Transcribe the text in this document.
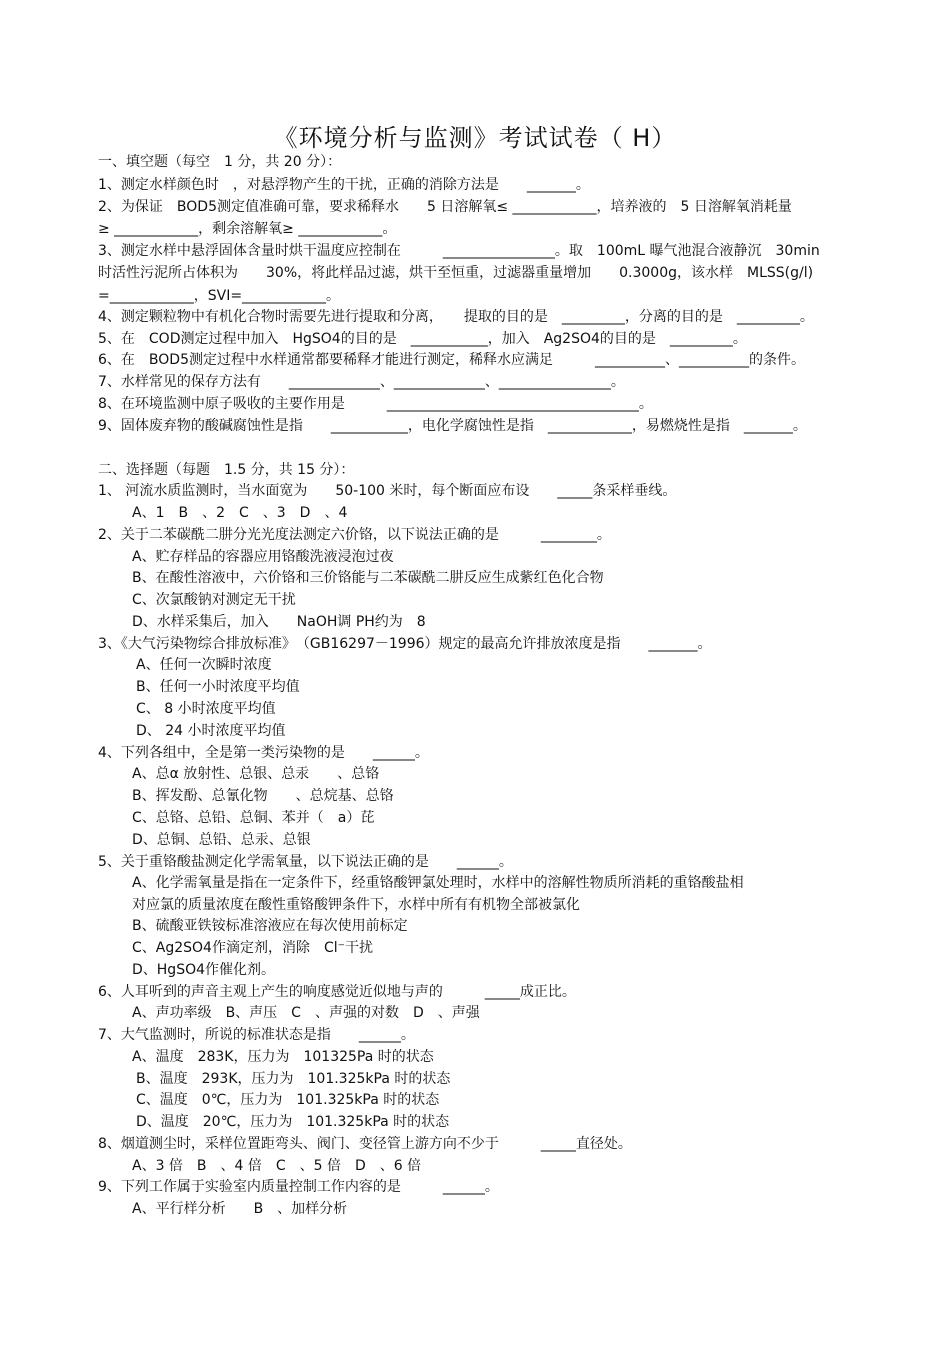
《环境分析与监测》考试试卷（ H）
一、填空题（每空　1 分，共 20 分）：
1、测定水样颜色时　，对悬浮物产生的干扰，正确的消除方法是　　_______。
2、为保证　BOD5测定值准确可靠，要求稀释水　　5 日溶解氧≤ ____________，培养液的　5 日溶解氧消耗量
≥ ____________，剩余溶解氧≥ ____________。
3、测定水样中悬浮固体含量时烘干温度应控制在　　　________________。取　100mL 曝气池混合液静沉　30min
时活性污泥所占体积为　　30%，将此样品过滤，烘干至恒重，过滤器重量增加　　0.3000g，该水样　MLSS(g/l)
=____________，SVI=____________。
4、测定颗粒物中有机化合物时需要先进行提取和分离，　　提取的目的是　_________，分离的目的是　_________。
5、在　COD测定过程中加入　HgSO4的目的是　___________，加入　Ag2SO4的目的是　_________。
6、在　BOD5测定过程中水样通常都要稀释才能进行测定，稀释水应满足　　　__________、__________的条件。
7、水样常见的保存方法有　　_____________、_____________、________________。
8、在环境监测中原子吸收的主要作用是　　　____________________________________。
9、固体废弃物的酸碱腐蚀性是指　　___________，电化学腐蚀性是指　____________，易燃烧性是指　_______。
二、选择题（每题　1.5 分，共 15 分）：
1、 河流水质监测时，当水面宽为　　50-100 米时，每个断面应布设　　_____条采样垂线。
A、1　B　、2　C　、3　D　、4
2、关于二苯碳酰二肼分光光度法测定六价铬，以下说法正确的是　　　________。
A、贮存样品的容器应用铬酸洗液浸泡过夜
B、在酸性溶液中，六价铬和三价铬能与二苯碳酰二肼反应生成紫红色化合物
C、次氯酸钠对测定无干扰
D、水样采集后，加入　　NaOH调 PH约为　8
3、《大气污染物综合排放标准》　（GB16297－1996）规定的最高允许排放浓度是指　　_______。
A、任何一次瞬时浓度
B、任何一小时浓度平均值
C、 8 小时浓度平均值
D、 24 小时浓度平均值
4、下列各组中，全是第一类污染物的是　　______。
A、总α 放射性、总银、总汞　　、总铬
B、挥发酚、总氰化物　　、总烷基、总铬
C、总铬、总铅、总铜、苯并（　a）芘
D、总铜、总铅、总汞、总银
5、关于重铬酸盐测定化学需氧量，以下说法正确的是　　______。
A、化学需氧量是指在一定条件下，经重铬酸钾氯处理时，水样中的溶解性物质所消耗的重铬酸盐相
对应氯的质量浓度在酸性重铬酸钾条件下，水样中所有有机物全部被氯化
B、硫酸亚铁铵标准溶液应在每次使用前标定
C、Ag2SO4作滴定剂，消除　Cl⁻干扰
D、HgSO4作催化剂。
6、人耳听到的声音主观上产生的响度感觉近似地与声的　　　_____成正比。
A、声功率级　B、声压　C　、声强的对数　D　、声强
7、大气监测时，所说的标准状态是指　　______。
A、温度　283K，压力为　101325Pa 时的状态
B、温度　293K，压力为　101.325kPa 时的状态
C、温度　0℃，压力为　101.325kPa 时的状态
D、温度　20℃，压力为　101.325kPa 时的状态
8、烟道测尘时，采样位置距弯头、阀门、变径管上游方向不少于　　　_____直径处。
A、3 倍　B　、4 倍　C　、5 倍　D　、6 倍
9、下列工作属于实验室内质量控制工作内容的是　　　______。
A、平行样分析　　B　、加样分析
